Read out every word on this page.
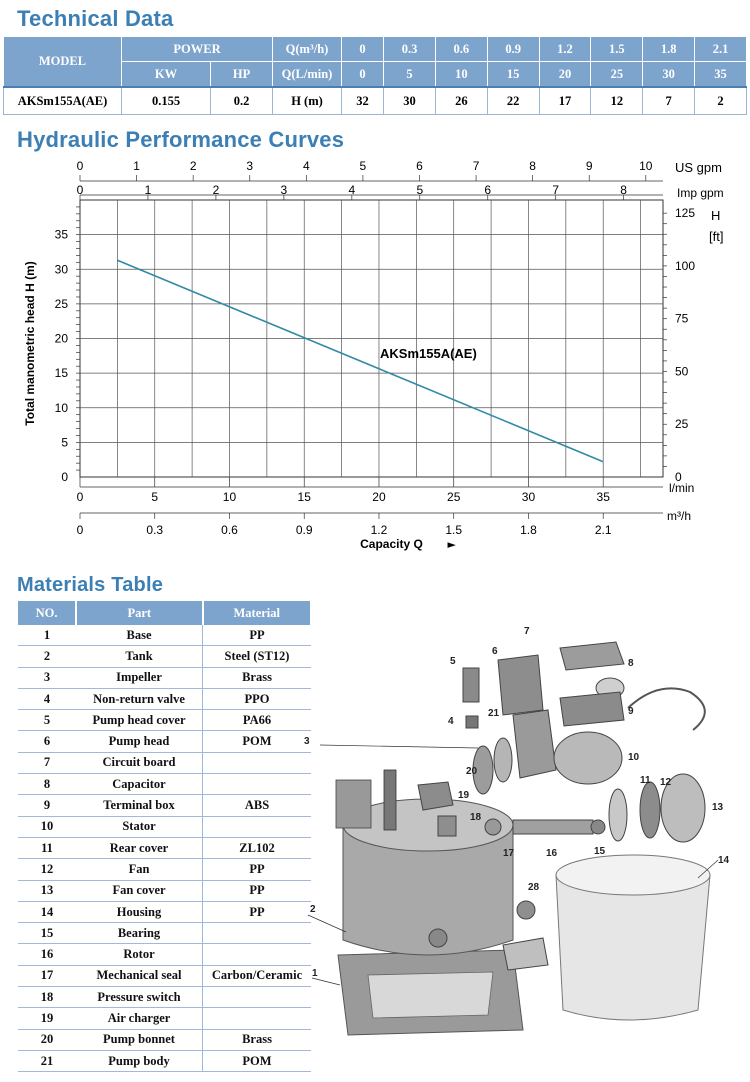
Technical Data
MODEL	POWER		Q(m³/h)	0	0.3	0.6	0.9	1.2	1.5	1.8	2.1
	KW	HP	Q(L/min)	0	5	10	15	20	25	30	35
AKSm155A(AE)	0.155	0.2	H (m)	32	30	26	22	17	12	7	2
Hydraulic Performance Curves
0
5
10
15
20
25
30
35
Total manometric head H (m)
0	5	10	15	20	25	30	35
l/min
0	0.3	0.6	0.9	1.2	1.5	1.8	2.1
m³/h
Capacity Q ►
0	1	2	3	4	5	6	7	8	9	10 US gpm
0	1	2	3	4	5	6	7	8	Imp gpm
0
25
50
75
100
125 H
[ft]
AKSm155A(AE)
Materials Table
NO.	Part	Material
1	Base	PP
2	Tank	Steel (ST12)
3	Impeller	Brass
4	Non-return valve	PPO
5	Pump head cover	PA66
6	Pump head	POM
7	Circuit board	
8	Capacitor	
9	Terminal box	ABS
10	Stator	
11	Rear cover	ZL102
12	Fan	PP
13	Fan cover	PP
14	Housing	PP
15	Bearing	
16	Rotor	
17	Mechanical seal	Carbon/Ceramic
18	Pressure switch	
19	Air charger	
20	Pump bonnet	Brass
21	Pump body	POM
1
2
3
4
5
6
7
8
9
10
11 12
13
14
15
16
17
18
19
20
21
28
